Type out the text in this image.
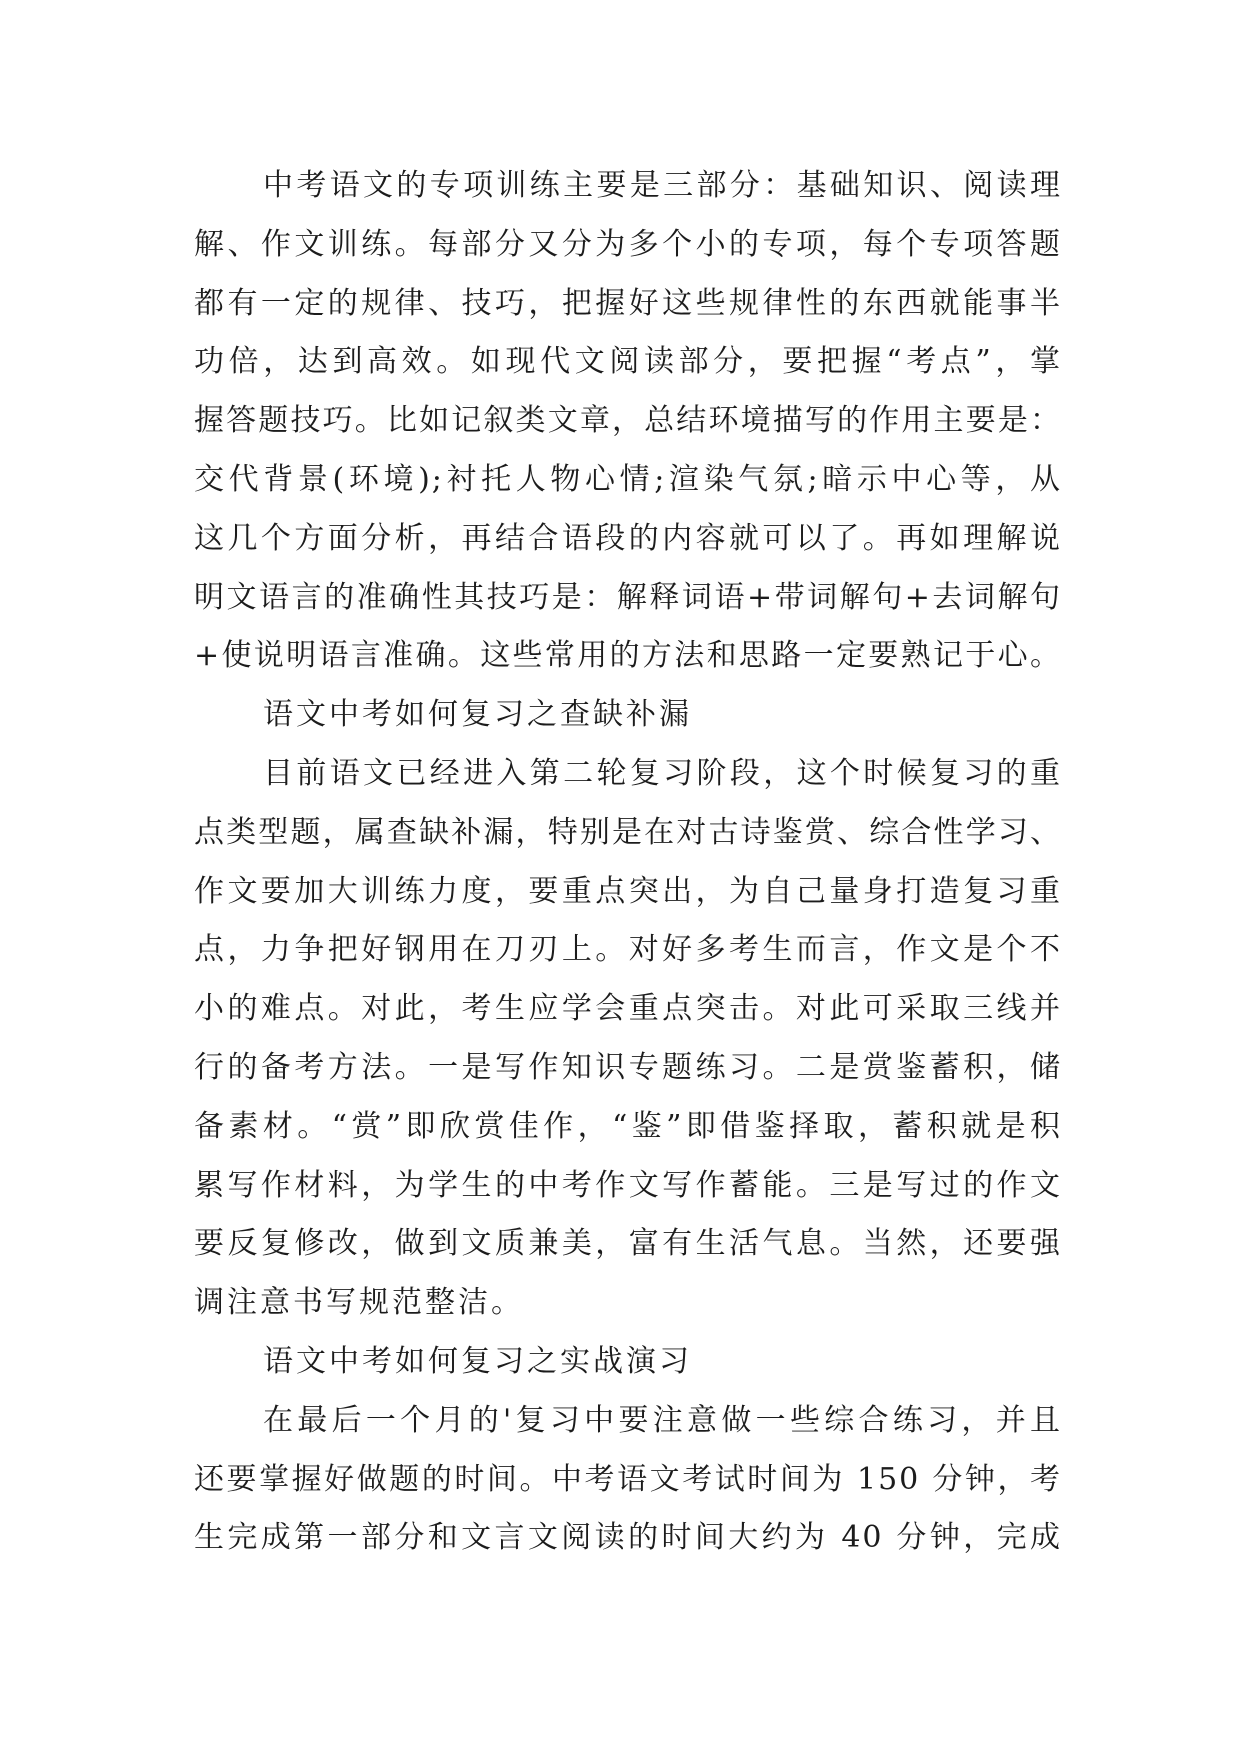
中考语文的专项训练主要是三部分：基础知识、阅读理
解、作文训练。每部分又分为多个小的专项，每个专项答题
都有一定的规律、技巧，把握好这些规律性的东西就能事半
功倍，达到高效。如现代文阅读部分，要把握“考点”，掌
握答题技巧。比如记叙类文章，总结环境描写的作用主要是：
交代背景(环境);衬托人物心情;渲染气氛;暗示中心等，从
这几个方面分析，再结合语段的内容就可以了。再如理解说
明文语言的准确性其技巧是：解释词语+带词解句+去词解句
+使说明语言准确。这些常用的方法和思路一定要熟记于心。
语文中考如何复习之查缺补漏
目前语文已经进入第二轮复习阶段，这个时候复习的重
点类型题，属查缺补漏，特别是在对古诗鉴赏、综合性学习、
作文要加大训练力度，要重点突出，为自己量身打造复习重
点，力争把好钢用在刀刃上。对好多考生而言，作文是个不
小的难点。对此，考生应学会重点突击。对此可采取三线并
行的备考方法。一是写作知识专题练习。二是赏鉴蓄积，储
备素材。“赏”即欣赏佳作，“鉴”即借鉴择取，蓄积就是积
累写作材料，为学生的中考作文写作蓄能。三是写过的作文
要反复修改，做到文质兼美，富有生活气息。当然，还要强
调注意书写规范整洁。
语文中考如何复习之实战演习
在最后一个月的'复习中要注意做一些综合练习，并且
还要掌握好做题的时间。中考语文考试时间为 150 分钟，考
生完成第一部分和文言文阅读的时间大约为 40 分钟，完成
